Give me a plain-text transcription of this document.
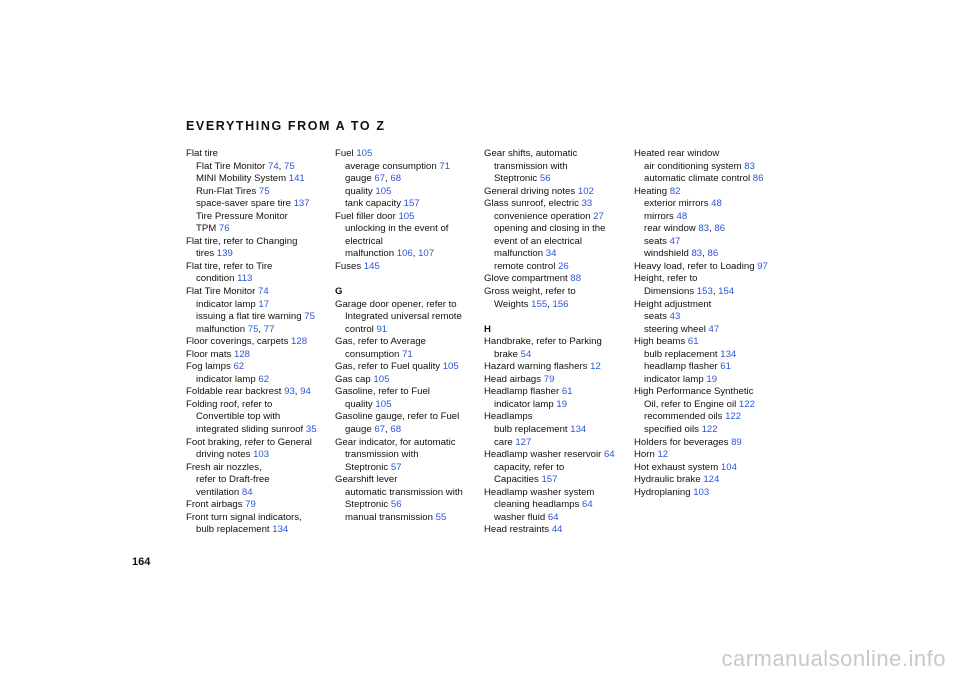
EVERYTHING FROM A TO Z
Flat tire
Flat Tire Monitor 74, 75
MINI Mobility System 141
Run-Flat Tires 75
space-saver spare tire 137
Tire Pressure Monitor
TPM 76
Flat tire, refer to Changing
tires 139
Flat tire, refer to Tire
condition 113
Flat Tire Monitor 74
indicator lamp 17
issuing a flat tire warning 75
malfunction 75, 77
Floor coverings, carpets 128
Floor mats 128
Fog lamps 62
indicator lamp 62
Foldable rear backrest 93, 94
Folding roof, refer to
Convertible top with
integrated sliding sunroof 35
Foot braking, refer to General
driving notes 103
Fresh air nozzles,
refer to Draft-free
ventilation 84
Front airbags 79
Front turn signal indicators,
bulb replacement 134
Fuel 105
average consumption 71
gauge 67, 68
quality 105
tank capacity 157
Fuel filler door 105
unlocking in the event of
electrical
malfunction 106, 107
Fuses 145
G
Garage door opener, refer to
Integrated universal remote
control 91
Gas, refer to Average
consumption 71
Gas, refer to Fuel quality 105
Gas cap 105
Gasoline, refer to Fuel
quality 105
Gasoline gauge, refer to Fuel
gauge 67, 68
Gear indicator, for automatic
transmission with
Steptronic 57
Gearshift lever
automatic transmission with
Steptronic 56
manual transmission 55
Gear shifts, automatic
transmission with
Steptronic 56
General driving notes 102
Glass sunroof, electric 33
convenience operation 27
opening and closing in the
event of an electrical
malfunction 34
remote control 26
Glove compartment 88
Gross weight, refer to
Weights 155, 156
H
Handbrake, refer to Parking
brake 54
Hazard warning flashers 12
Head airbags 79
Headlamp flasher 61
indicator lamp 19
Headlamps
bulb replacement 134
care 127
Headlamp washer reservoir 64
capacity, refer to
Capacities 157
Headlamp washer system
cleaning headlamps 64
washer fluid 64
Head restraints 44
Heated rear window
air conditioning system 83
automatic climate control 86
Heating 82
exterior mirrors 48
mirrors 48
rear window 83, 86
seats 47
windshield 83, 86
Heavy load, refer to Loading 97
Height, refer to
Dimensions 153, 154
Height adjustment
seats 43
steering wheel 47
High beams 61
bulb replacement 134
headlamp flasher 61
indicator lamp 19
High Performance Synthetic
Oil, refer to Engine oil 122
recommended oils 122
specified oils 122
Holders for beverages 89
Horn 12
Hot exhaust system 104
Hydraulic brake 124
Hydroplaning 103
164
carmanualsonline.info
